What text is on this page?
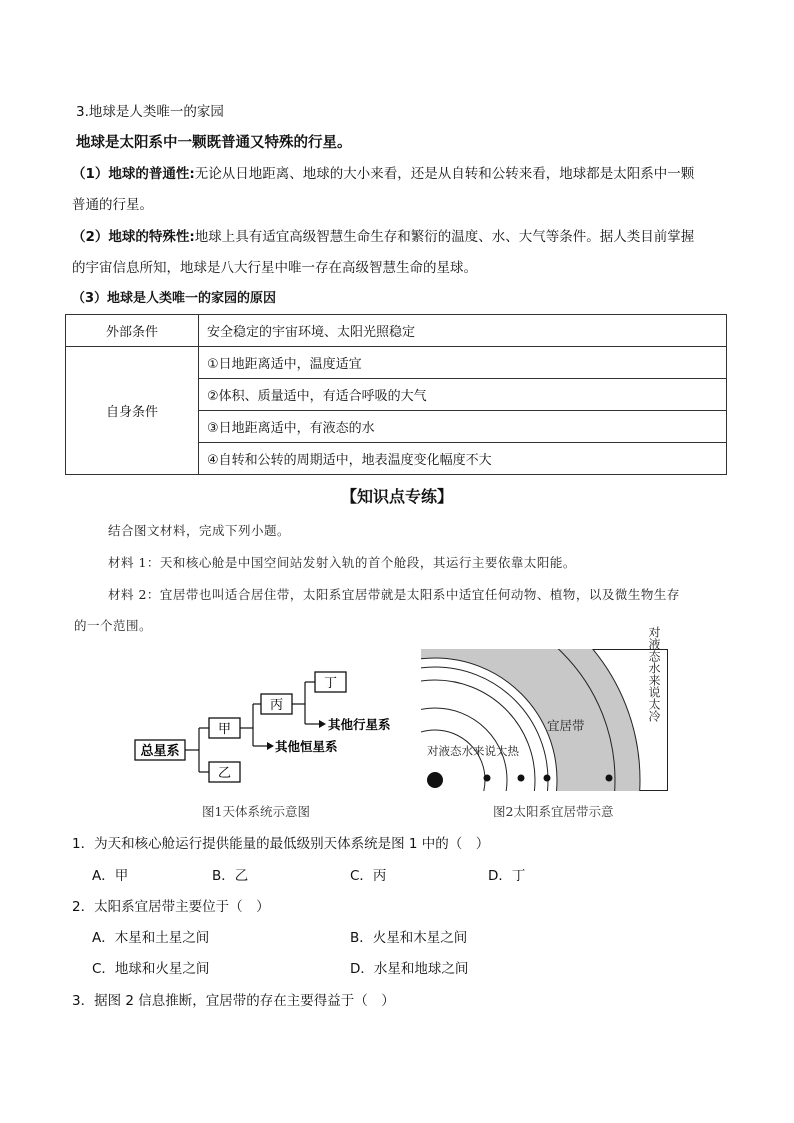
3.地球是人类唯一的家园
地球是太阳系中一颗既普通又特殊的行星。
（1）地球的普通性:无论从日地距离、地球的大小来看，还是从自转和公转来看，地球都是太阳系中一颗
普通的行星。
（2）地球的特殊性:地球上具有适宜高级智慧生命生存和繁衍的温度、水、大气等条件。据人类目前掌握
的宇宙信息所知，地球是八大行星中唯一存在高级智慧生命的星球。
（3）地球是人类唯一的家园的原因
外部条件	安全稳定的宇宙环境、太阳光照稳定
自身条件	①日地距离适中，温度适宜
	②体积、质量适中，有适合呼吸的大气
	③日地距离适中，有液态的水
	④自转和公转的周期适中，地表温度变化幅度不大
【知识点专练】
结合图文材料，完成下列小题。
材料 1：天和核心舱是中国空间站发射入轨的首个舱段，其运行主要依靠太阳能。
材料 2：宜居带也叫适合居住带，太阳系宜居带就是太阳系中适宜任何动物、植物，以及微生物生存
的一个范围。
总星系
甲
乙
丙
丁
其他恒星系
其他行星系
图1天体系统示意图
宜居带
对液态水来说太热
对液态水来说太冷
图2太阳系宜居带示意
1．为天和核心舱运行提供能量的最低级别天体系统是图 1 中的（　）
A．甲	B．乙	C．丙	D．丁
2．太阳系宜居带主要位于（　）
A．木星和土星之间	B．火星和木星之间
C．地球和火星之间	D．水星和地球之间
3．据图 2 信息推断，宜居带的存在主要得益于（　）
